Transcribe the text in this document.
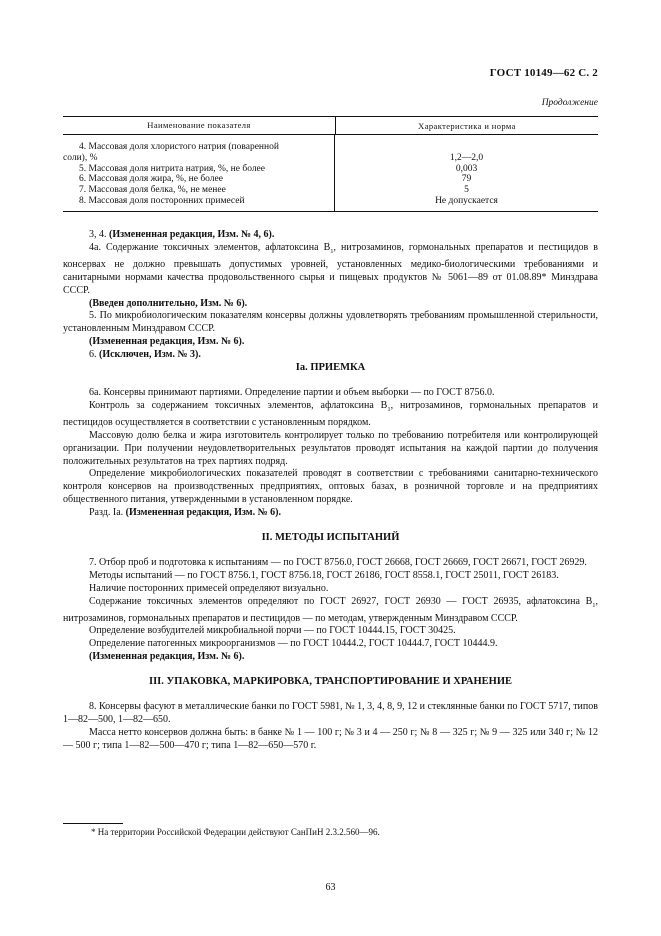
ГОСТ 10149—62 С. 2
Продолжение
Наименование показателя	Характеристика и норма
4. Массовая доля хлористого натрия (поваренной
соли), %
5. Массовая доля нитрита натрия, %, не более
6. Массовая доля жира, %, не более
7. Массовая доля белка, %, не менее
8. Массовая доля посторонних примесей
1,2—2,0
0,003
79
5
Не допускается

3, 4. (Измененная редакция, Изм. № 4, 6).

4а. Содержание токсичных элементов, афлатоксина $B_1$, нитрозаминов, гормональных препаратов и пестицидов в консервах не должно превышать допустимых уровней, установленных медико-биологическими требованиями и санитарными нормами качества продовольственного сырья и пищевых продуктов № 5061—89 от 01.08.89* Минздрава СССР.

(Введен дополнительно, Изм. № 6).

5. По микробиологическим показателям консервы должны удовлетворять требованиям промышленной стерильности, установленным Минздравом СССР.

(Измененная редакция, Изм. № 6).

6. (Исключен, Изм. № 3).

Iа. ПРИЕМКА

6а. Консервы принимают партиями. Определение партии и объем выборки — по ГОСТ 8756.0.

Контроль за содержанием токсичных элементов, афлатоксина $B_1$, нитрозаминов, гормональных препаратов и пестицидов осуществляется в соответствии с установленным порядком.

Массовую долю белка и жира изготовитель контролирует только по требованию потребителя или контролирующей организации. При получении неудовлетворительных результатов проводят испытания на каждой партии до получения положительных результатов на трех партиях подряд.

Определение микробиологических показателей проводят в соответствии с требованиями санитарно-технического контроля консервов на производственных предприятиях, оптовых базах, в розничной торговле и на предприятиях общественного питания, утвержденными в установленном порядке.

Разд. Iа. (Измененная редакция, Изм. № 6).

II. МЕТОДЫ ИСПЫТАНИЙ

7. Отбор проб и подготовка к испытаниям — по ГОСТ 8756.0, ГОСТ 26668, ГОСТ 26669, ГОСТ 26671, ГОСТ 26929.

Методы испытаний — по ГОСТ 8756.1, ГОСТ 8756.18, ГОСТ 26186, ГОСТ 8558.1, ГОСТ 25011, ГОСТ 26183.

Наличие посторонних примесей определяют визуально.

Содержание токсичных элементов определяют по ГОСТ 26927, ГОСТ 26930 — ГОСТ 26935, афлатоксина $B_1$, нитрозаминов, гормональных препаратов и пестицидов — по методам, утвержденным Минздравом СССР.

Определение возбудителей микробиальной порчи — по ГОСТ 10444.15, ГОСТ 30425.

Определение патогенных микроорганизмов — по ГОСТ 10444.2, ГОСТ 10444.7, ГОСТ 10444.9.

(Измененная редакция, Изм. № 6).

III. УПАКОВКА, МАРКИРОВКА, ТРАНСПОРТИРОВАНИЕ И ХРАНЕНИЕ

8. Консервы фасуют в металлические банки по ГОСТ 5981, № 1, 3, 4, 8, 9, 12 и стеклянные банки по ГОСТ 5717, типов 1—82—500, 1—82—650.

Масса нетто консервов должна быть: в банке № 1 — 100 г; № 3 и 4 — 250 г; № 8 — 325 г; № 9 — 325 или 340 г; № 12 — 500 г; типа 1—82—500—470 г; типа 1—82—650—570 г.

* На территории Российской Федерации действуют СанПиН 2.3.2.560—96.
63
